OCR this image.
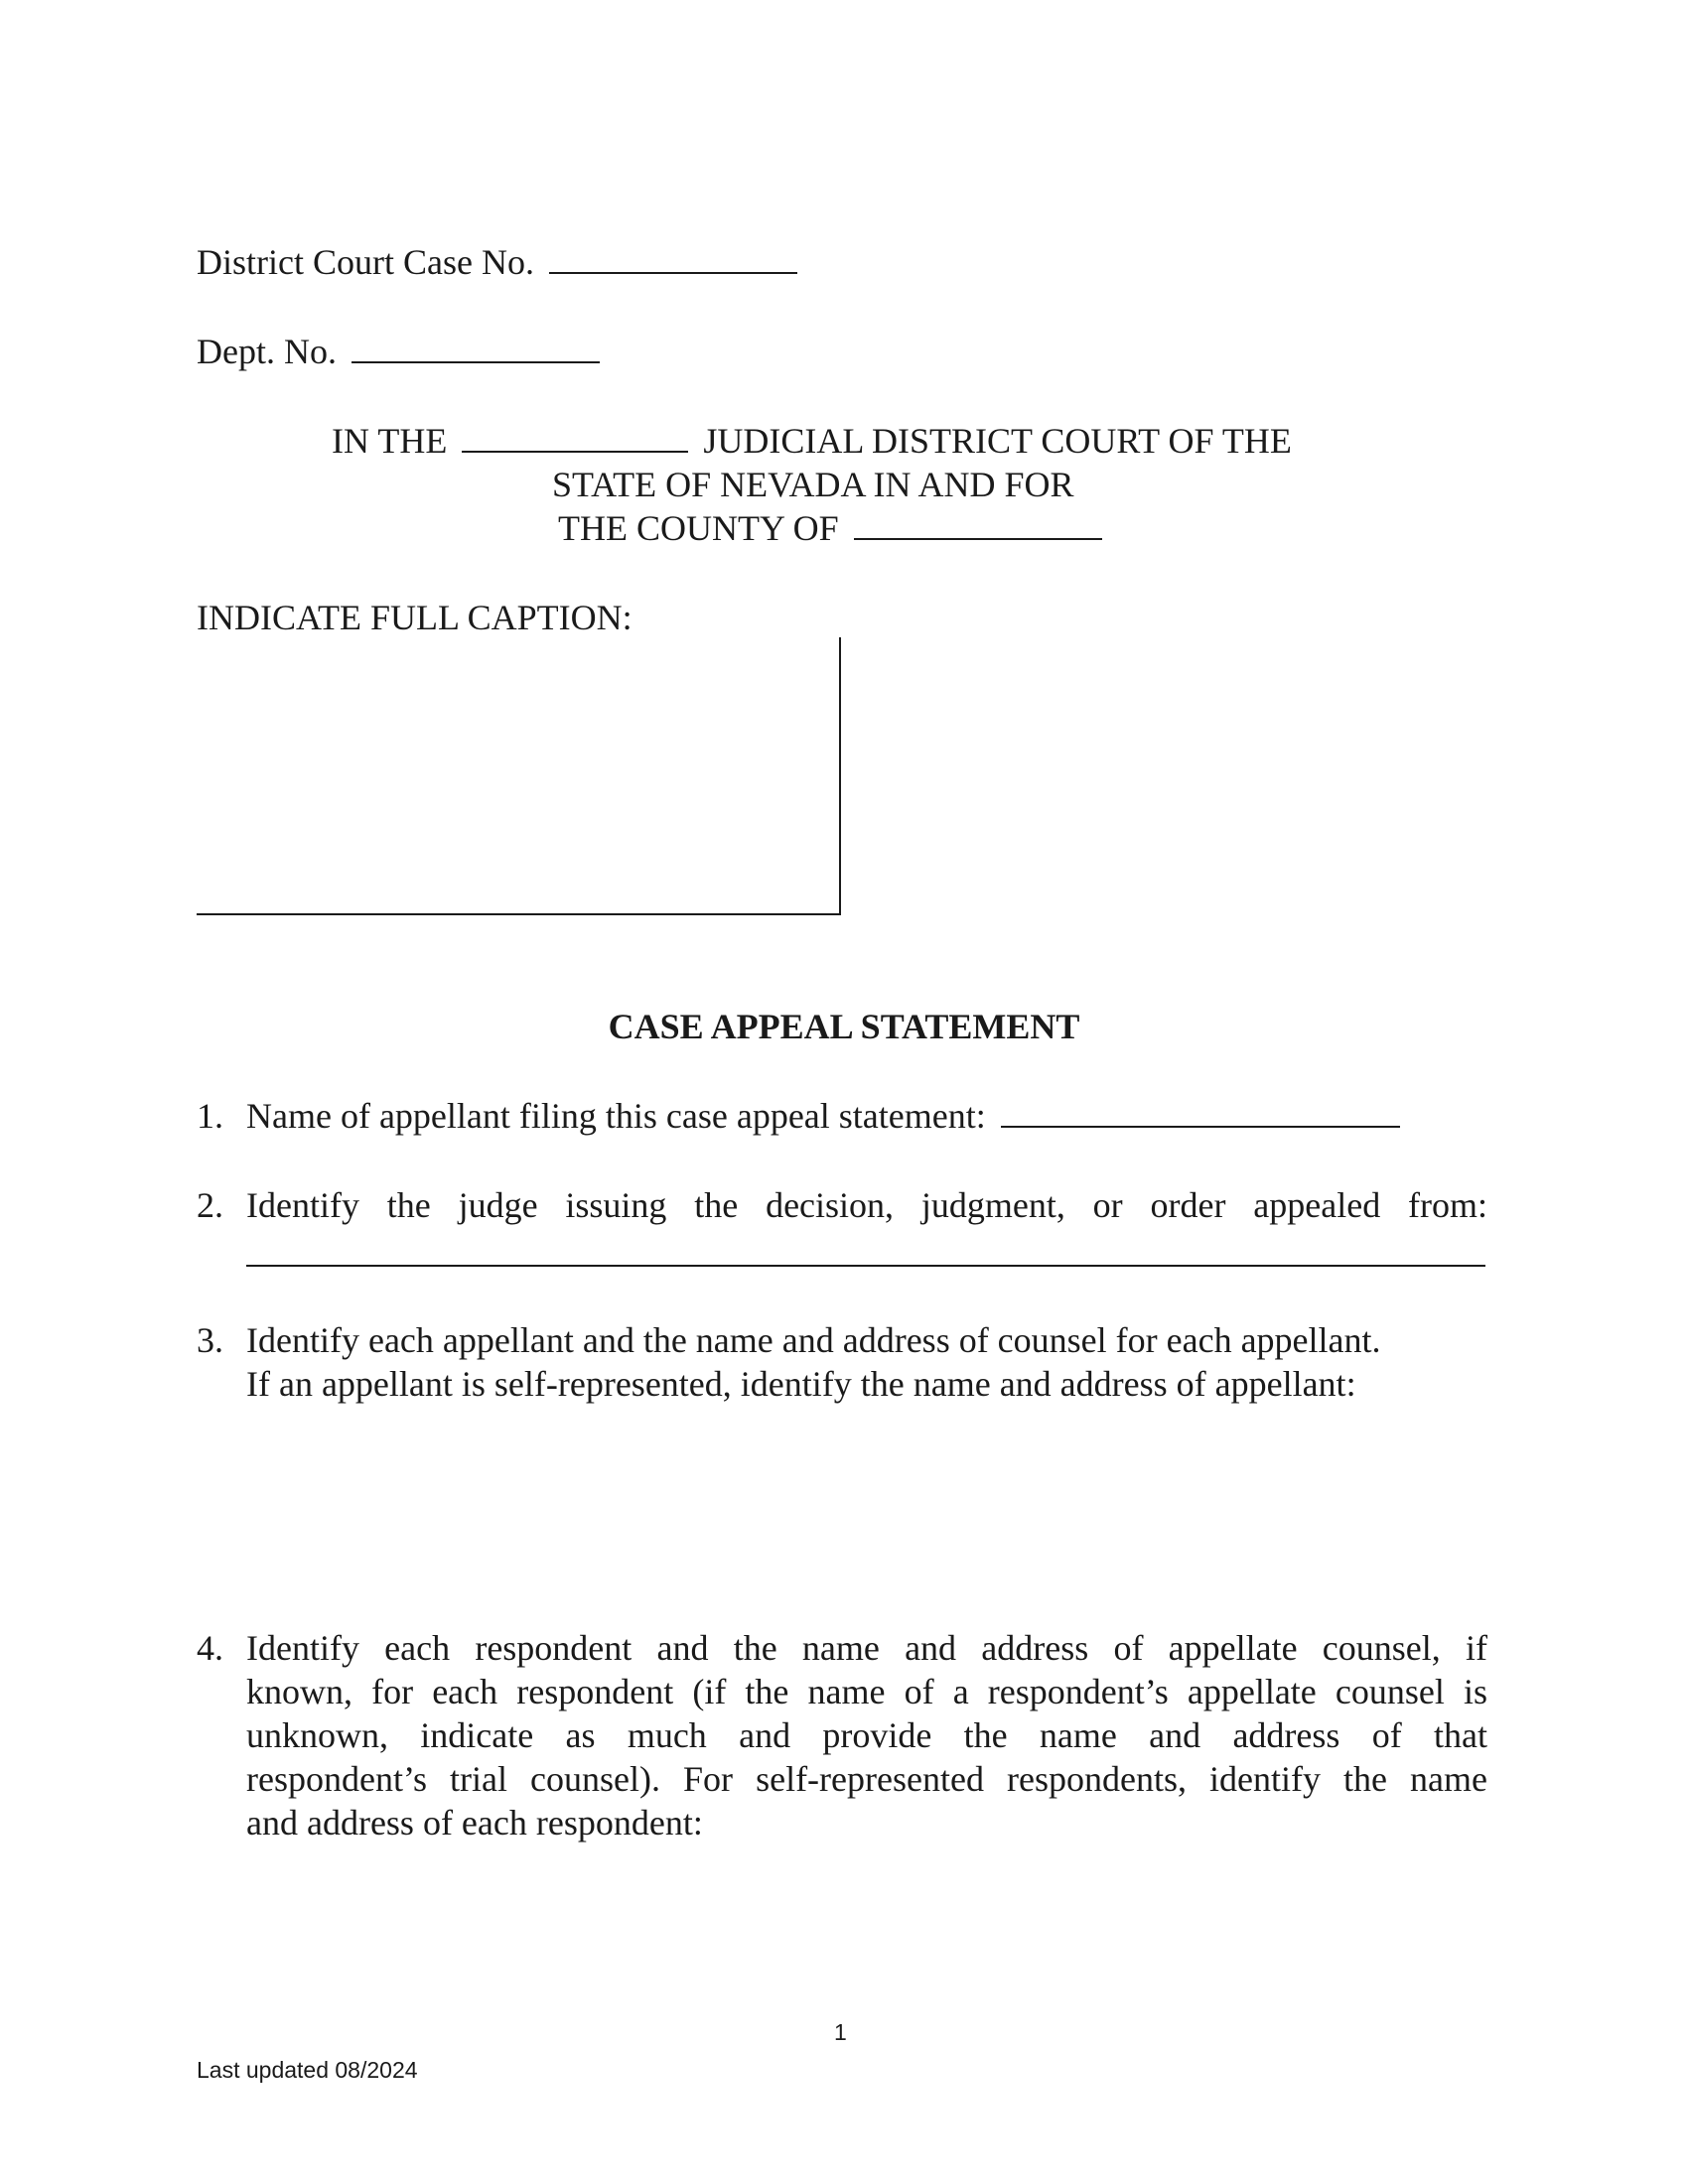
District Court Case No.
Dept. No.
IN THE	JUDICIAL DISTRICT COURT OF THE
STATE OF NEVADA IN AND FOR
THE COUNTY OF
INDICATE FULL CAPTION:
CASE APPEAL STATEMENT
1. Name of appellant filing this case appeal statement:
2. Identify the judge issuing the decision, judgment, or order appealed from:
3. Identify each appellant and the name and address of counsel for each appellant.
If an appellant is self-represented, identify the name and address of appellant:
4. Identify each respondent and the name and address of appellate counsel, if
known, for each respondent (if the name of a respondent’s appellate counsel is
unknown, indicate as much and provide the name and address of that
respondent’s trial counsel). For self-represented respondents, identify the name
and address of each respondent:
1
Last updated 08/2024
